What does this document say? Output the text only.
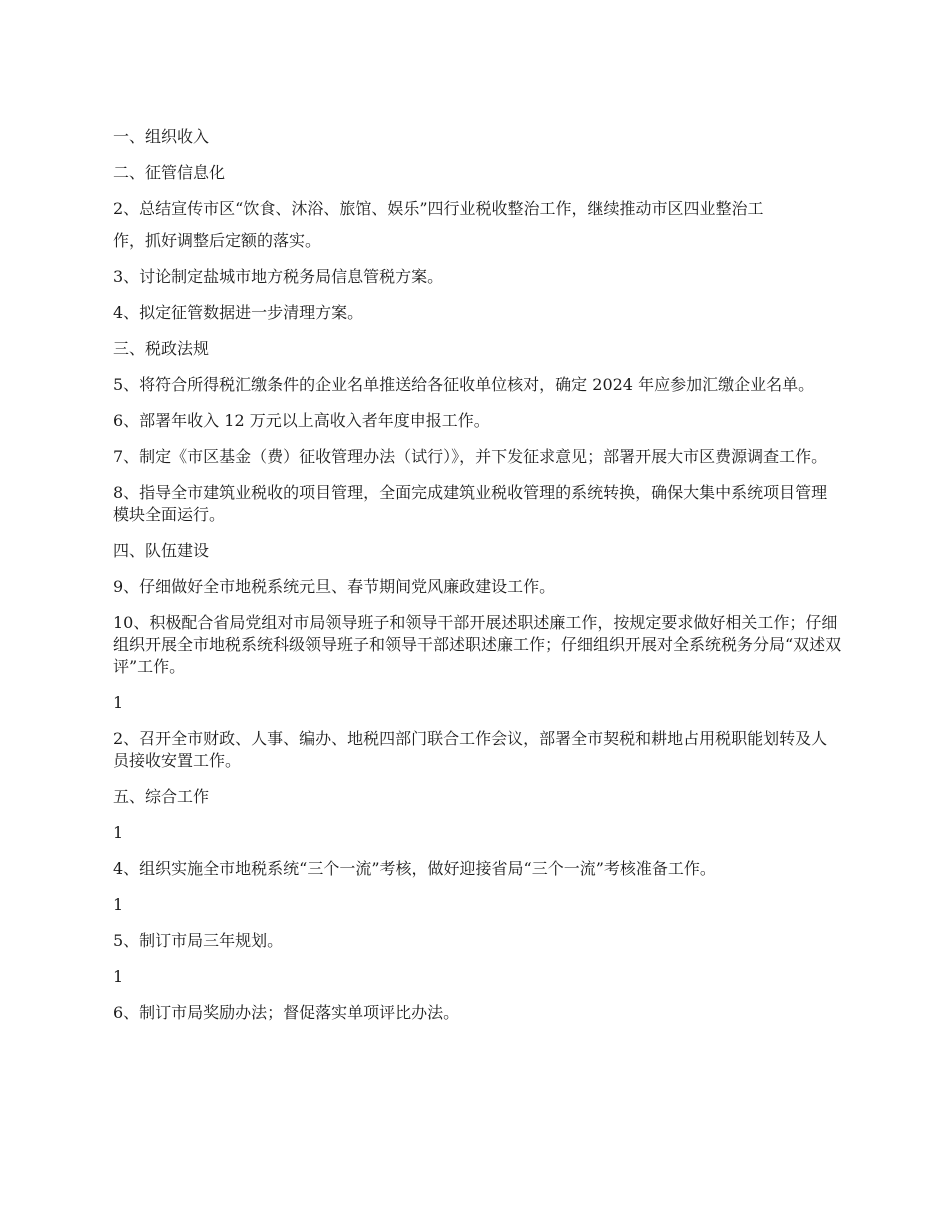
一、组织收入

二、征管信息化

2、总结宣传市区“饮食、沐浴、旅馆、娱乐”四行业税收整治工作，继续推动市区四业整治工

作，抓好调整后定额的落实。

3、讨论制定盐城市地方税务局信息管税方案。

4、拟定征管数据进一步清理方案。

三、税政法规

5、将符合所得税汇缴条件的企业名单推送给各征收单位核对，确定 2024 年应参加汇缴企业名单。

6、部署年收入 12 万元以上高收入者年度申报工作。

7、制定《市区基金（费）征收管理办法（试行）》，并下发征求意见；部署开展大市区费源调查工作。

8、指导全市建筑业税收的项目管理，全面完成建筑业税收管理的系统转换，确保大集中系统项目管理模块全面运行。

四、队伍建设

9、仔细做好全市地税系统元旦、春节期间党风廉政建设工作。

10、积极配合省局党组对市局领导班子和领导干部开展述职述廉工作，按规定要求做好相关工作；仔细组织开展全市地税系统科级领导班子和领导干部述职述廉工作；仔细组织开展对全系统税务分局“双述双评”工作。

1

2、召开全市财政、人事、编办、地税四部门联合工作会议，部署全市契税和耕地占用税职能划转及人员接收安置工作。

五、综合工作

1

4、组织实施全市地税系统“三个一流”考核，做好迎接省局“三个一流”考核准备工作。

1

5、制订市局三年规划。

1

6、制订市局奖励办法；督促落实单项评比办法。
